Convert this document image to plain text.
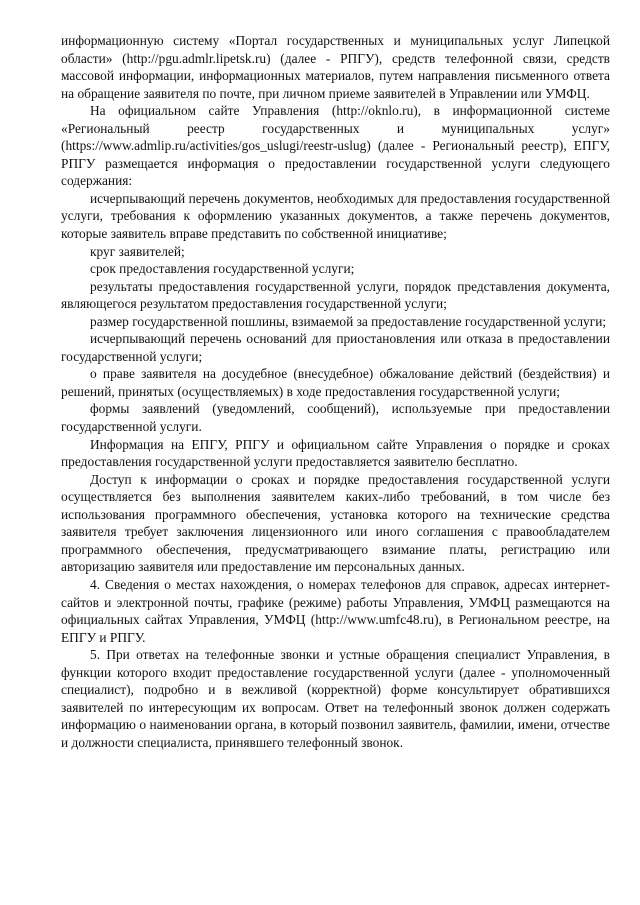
информационную систему «Портал государственных и муниципальных услуг Липецкой области» (http://pgu.admlr.lipetsk.ru) (далее - РПГУ), средств телефонной связи, средств массовой информации, информационных материалов, путем направления письменного ответа на обращение заявителя по почте, при личном приеме заявителей в Управлении или УМФЦ.

На официальном сайте Управления (http://oknlo.ru), в информационной системе «Региональный реестр государственных и муниципальных услуг» (https://www.admlip.ru/activities/gos_uslugi/reestr-uslug) (далее - Региональный реестр), ЕПГУ, РПГУ размещается информация о предоставлении государственной услуги следующего содержания:

исчерпывающий перечень документов, необходимых для предоставления государственной услуги, требования к оформлению указанных документов, а также перечень документов, которые заявитель вправе представить по собственной инициативе;

круг заявителей;

срок предоставления государственной услуги;

результаты предоставления государственной услуги, порядок представления документа, являющегося результатом предоставления государственной услуги;

размер государственной пошлины, взимаемой за предоставление государственной услуги;

исчерпывающий перечень оснований для приостановления или отказа в предоставлении государственной услуги;

о праве заявителя на досудебное (внесудебное) обжалование действий (бездействия) и решений, принятых (осуществляемых) в ходе предоставления государственной услуги;

формы заявлений (уведомлений, сообщений), используемые при предоставлении государственной услуги.

Информация на ЕПГУ, РПГУ и официальном сайте Управления о порядке и сроках предоставления государственной услуги предоставляется заявителю бесплатно.

Доступ к информации о сроках и порядке предоставления государственной услуги осуществляется без выполнения заявителем каких-либо требований, в том числе без использования программного обеспечения, установка которого на технические средства заявителя требует заключения лицензионного или иного соглашения с правообладателем программного обеспечения, предусматривающего взимание платы, регистрацию или авторизацию заявителя или предоставление им персональных данных.

4. Сведения о местах нахождения, о номерах телефонов для справок, адресах интернет-сайтов и электронной почты, графике (режиме) работы Управления, УМФЦ размещаются на официальных сайтах Управления, УМФЦ (http://www.umfc48.ru), в Региональном реестре, на ЕПГУ и РПГУ.

5. При ответах на телефонные звонки и устные обращения специалист Управления, в функции которого входит предоставление государственной услуги (далее - уполномоченный специалист), подробно и в вежливой (корректной) форме консультирует обратившихся заявителей по интересующим их вопросам. Ответ на телефонный звонок должен содержать информацию о наименовании органа, в который позвонил заявитель, фамилии, имени, отчестве и должности специалиста, принявшего телефонный звонок.
